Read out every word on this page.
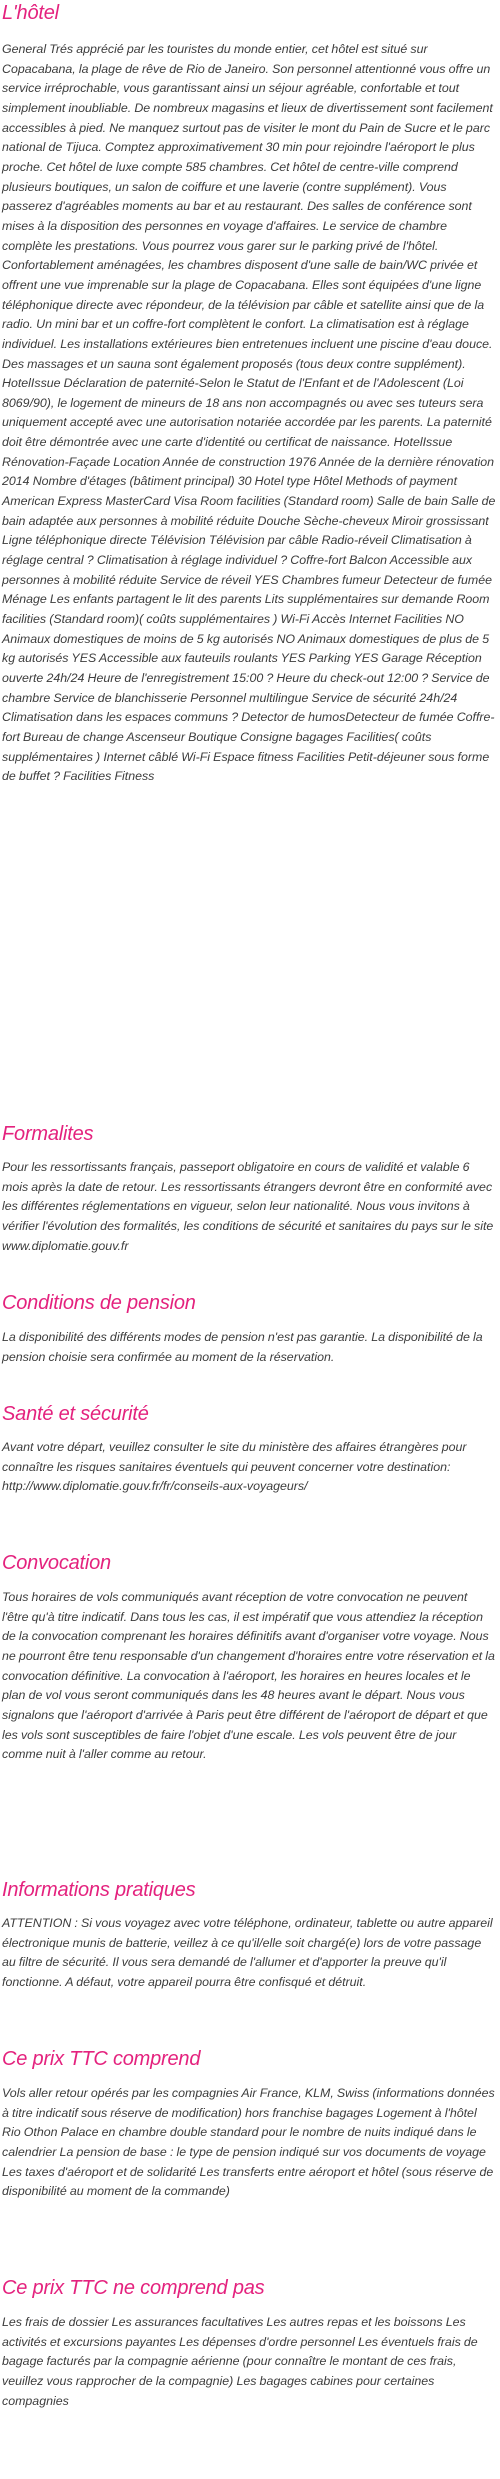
L'hôtel

General Trés apprécié par les touristes du monde entier, cet hôtel est situé sur Copacabana, la plage de rêve de Rio de Janeiro. Son personnel attentionné vous offre un service irréprochable, vous garantissant ainsi un séjour agréable, confortable et tout simplement inoubliable. De nombreux magasins et lieux de divertissement sont facilement accessibles à pied. Ne manquez surtout pas de visiter le mont du Pain de Sucre et le parc national de Tijuca. Comptez approximativement 30 min pour rejoindre l'aéroport le plus proche. Cet hôtel de luxe compte 585 chambres. Cet hôtel de centre-ville comprend plusieurs boutiques, un salon de coiffure et une laverie (contre supplément). Vous passerez d'agréables moments au bar et au restaurant. Des salles de conférence sont mises à la disposition des personnes en voyage d'affaires. Le service de chambre complète les prestations. Vous pourrez vous garer sur le parking privé de l'hôtel. Confortablement aménagées, les chambres disposent d'une salle de bain/WC privée et offrent une vue imprenable sur la plage de Copacabana. Elles sont équipées d'une ligne téléphonique directe avec répondeur, de la télévision par câble et satellite ainsi que de la radio. Un mini bar et un coffre-fort complètent le confort. La climatisation est à réglage individuel. Les installations extérieures bien entretenues incluent une piscine d'eau douce. Des massages et un sauna sont également proposés (tous deux contre supplément). HotelIssue Déclaration de paternité-Selon le Statut de l'Enfant et de l'Adolescent (Loi 8069/90), le logement de mineurs de 18 ans non accompagnés ou avec ses tuteurs sera uniquement accepté avec une autorisation notariée accordée par les parents. La paternité doit être démontrée avec une carte d'identité ou certificat de naissance. HotelIssue Rénovation-Façade Location Année de construction 1976 Année de la dernière rénovation 2014 Nombre d'étages (bâtiment principal) 30 Hotel type Hôtel Methods of payment American Express MasterCard Visa Room facilities (Standard room) Salle de bain Salle de bain adaptée aux personnes à mobilité réduite Douche Sèche-cheveux Miroir grossissant Ligne téléphonique directe Télévision Télévision par câble Radio-réveil Climatisation à réglage central ? Climatisation à réglage individuel ? Coffre-fort Balcon Accessible aux personnes à mobilité réduite Service de réveil YES Chambres fumeur Detecteur de fumée Ménage Les enfants partagent le lit des parents Lits supplémentaires sur demande Room facilities (Standard room)( coûts supplémentaires ) Wi-Fi Accès Internet Facilities NO Animaux domestiques de moins de 5 kg autorisés NO Animaux domestiques de plus de 5 kg autorisés YES Accessible aux fauteuils roulants YES Parking YES Garage Réception ouverte 24h/24 Heure de l'enregistrement 15:00 ? Heure du check-out 12:00 ? Service de chambre Service de blanchisserie Personnel multilingue Service de sécurité 24h/24 Climatisation dans les espaces communs ? Detector de humosDetecteur de fumée Coffre-fort Bureau de change Ascenseur Boutique Consigne bagages Facilities( coûts supplémentaires ) Internet câblé Wi-Fi Espace fitness Facilities Petit-déjeuner sous forme de buffet ? Facilities Fitness

Formalites

Pour les ressortissants français, passeport obligatoire en cours de validité et valable 6 mois après la date de retour. Les ressortissants étrangers devront être en conformité avec les différentes réglementations en vigueur, selon leur nationalité. Nous vous invitons à vérifier l'évolution des formalités, les conditions de sécurité et sanitaires du pays sur le site www.diplomatie.gouv.fr

Conditions de pension

La disponibilité des différents modes de pension n'est pas garantie. La disponibilité de la pension choisie sera confirmée au moment de la réservation.

Santé et sécurité

Avant votre départ, veuillez consulter le site du ministère des affaires étrangères pour connaître les risques sanitaires éventuels qui peuvent concerner votre destination: http://www.diplomatie.gouv.fr/fr/conseils-aux-voyageurs/

Convocation

Tous horaires de vols communiqués avant réception de votre convocation ne peuvent l'être qu'à titre indicatif. Dans tous les cas, il est impératif que vous attendiez la réception de la convocation comprenant les horaires définitifs avant d'organiser votre voyage. Nous ne pourront être tenu responsable d'un changement d'horaires entre votre réservation et la convocation définitive. La convocation à l'aéroport, les horaires en heures locales et le plan de vol vous seront communiqués dans les 48 heures avant le départ. Nous vous signalons que l'aéroport d'arrivée à Paris peut être différent de l'aéroport de départ et que les vols sont susceptibles de faire l'objet d'une escale. Les vols peuvent être de jour comme nuit à l'aller comme au retour.

Informations pratiques

ATTENTION : Si vous voyagez avec votre téléphone, ordinateur, tablette ou autre appareil électronique munis de batterie, veillez à ce qu'il/elle soit chargé(e) lors de votre passage au filtre de sécurité. Il vous sera demandé de l'allumer et d'apporter la preuve qu'il fonctionne. A défaut, votre appareil pourra être confisqué et détruit.

Ce prix TTC comprend

Vols aller retour opérés par les compagnies Air France, KLM, Swiss (informations données à titre indicatif sous réserve de modification) hors franchise bagages Logement à l'hôtel Rio Othon Palace en chambre double standard pour le nombre de nuits indiqué dans le calendrier La pension de base : le type de pension indiqué sur vos documents de voyage Les taxes d'aéroport et de solidarité Les transferts entre aéroport et hôtel (sous réserve de disponibilité au moment de la commande)

Ce prix TTC ne comprend pas

Les frais de dossier Les assurances facultatives Les autres repas et les boissons Les activités et excursions payantes Les dépenses d'ordre personnel Les éventuels frais de bagage facturés par la compagnie aérienne (pour connaître le montant de ces frais, veuillez vous rapprocher de la compagnie) Les bagages cabines pour certaines compagnies
